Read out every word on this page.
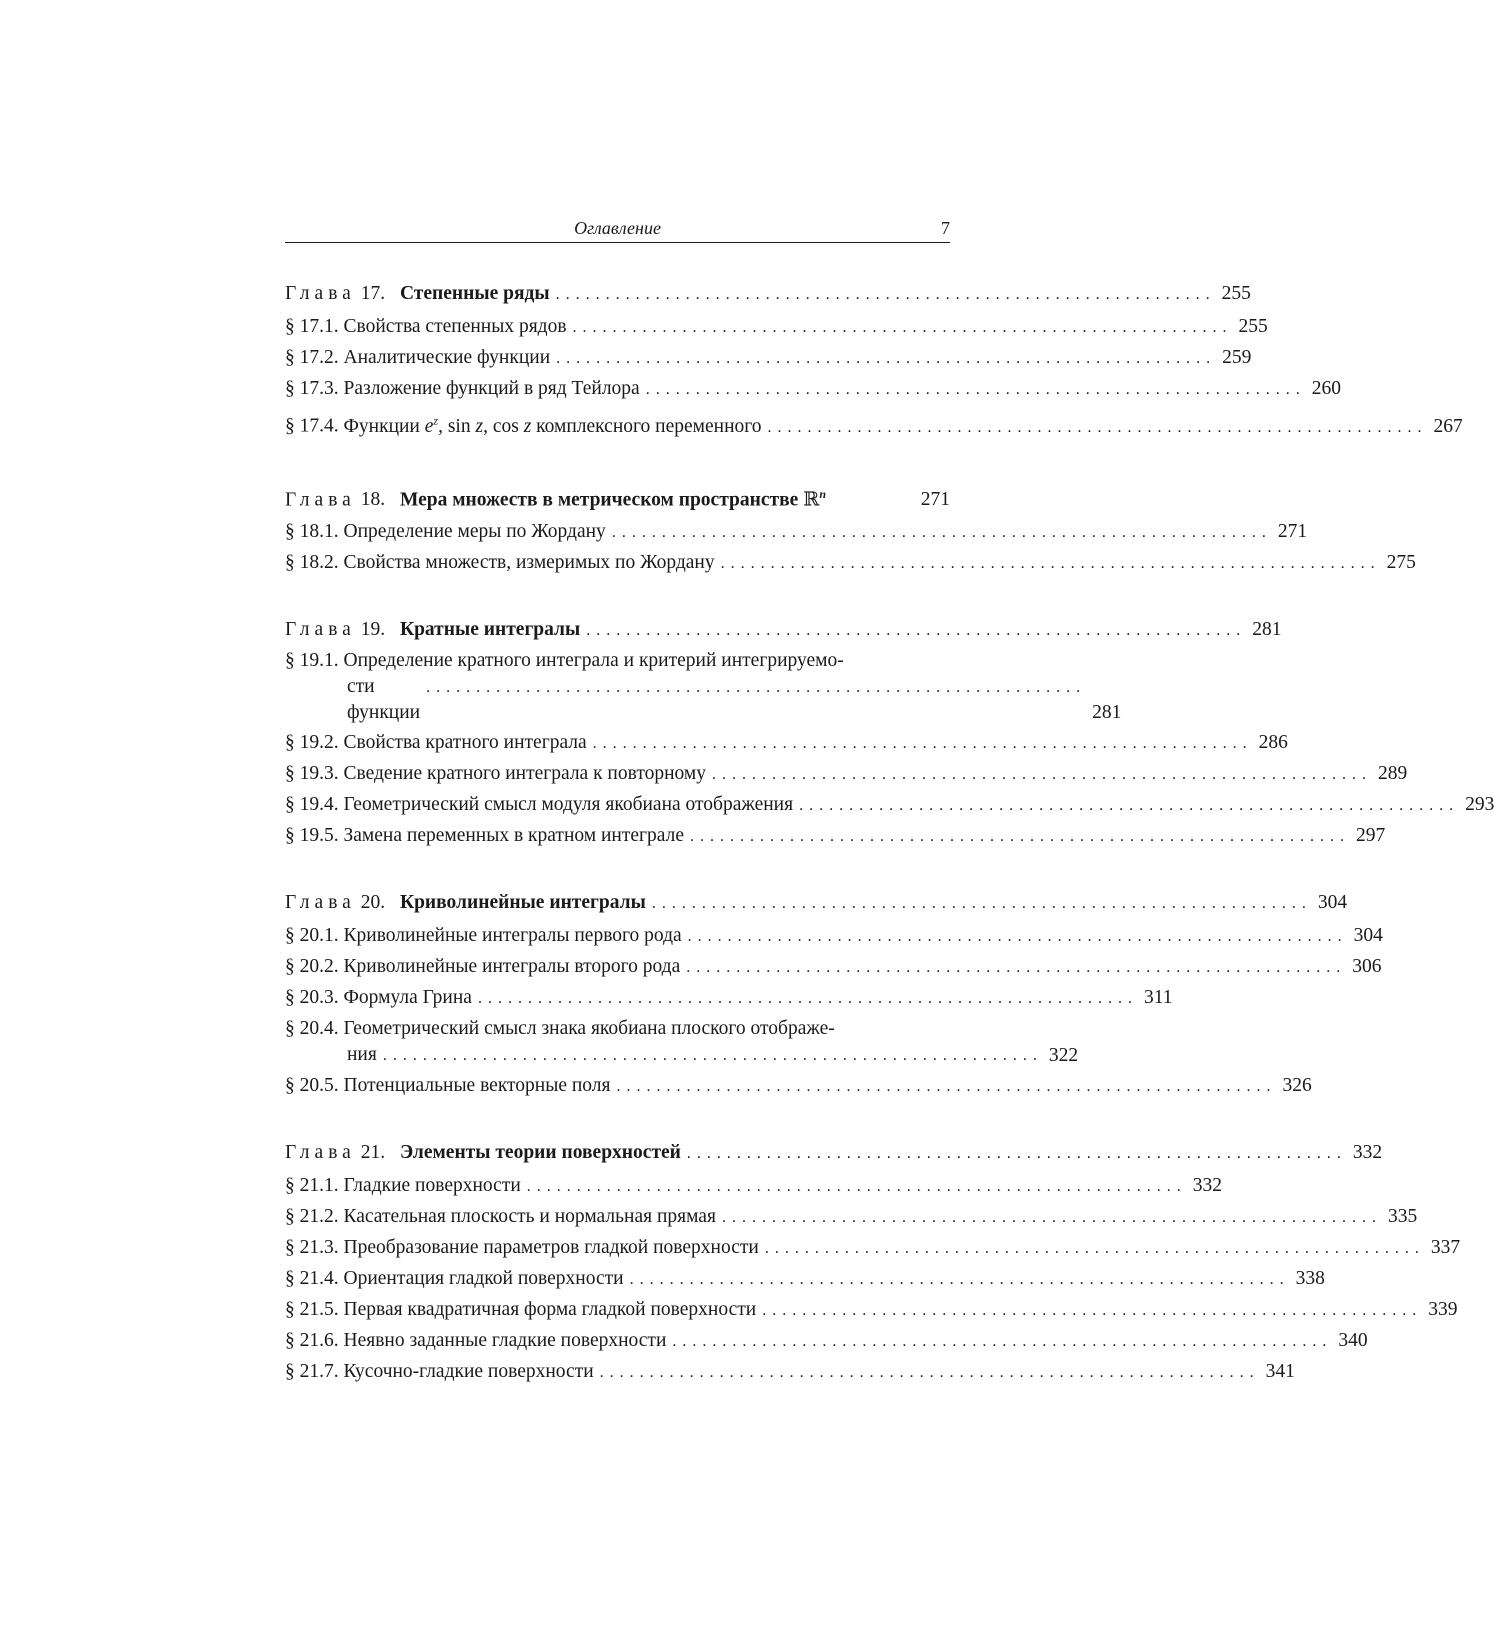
Оглавление	7
Глава 17. Степенные ряды .................................................................. 255
§ 17.1. Свойства степенных рядов .................................................................. 255
§ 17.2. Аналитические функции .................................................................. 259
§ 17.3. Разложение функций в ряд Тейлора .................................................................. 260
§ 17.4. Функции $e^z$, sin z, cos z комплексного переменного .................................................................. 267
Глава 18. Мера множеств в метрическом пространстве ℝ$^n$	271
§ 18.1. Определение меры по Жордану .................................................................. 271
§ 18.2. Свойства множеств, измеримых по Жордану .................................................................. 275
Глава 19. Кратные интегралы .................................................................. 281
§ 19.1. Определение кратного интеграла и критерий интегрируемо-
сти функции
..................................................................
281
§ 19.2. Свойства кратного интеграла .................................................................. 286
§ 19.3. Сведение кратного интеграла к повторному .................................................................. 289
§ 19.4. Геометрический смысл модуля якобиана отображения .................................................................. 293
§ 19.5. Замена переменных в кратном интеграле .................................................................. 297
Глава 20. Криволинейные интегралы .................................................................. 304
§ 20.1. Криволинейные интегралы первого рода .................................................................. 304
§ 20.2. Криволинейные интегралы второго рода .................................................................. 306
§ 20.3. Формула Грина .................................................................. 311
§ 20.4. Геометрический смысл знака якобиана плоского отображе-
ния .................................................................. 322
§ 20.5. Потенциальные векторные поля .................................................................. 326
Глава 21. Элементы теории поверхностей .................................................................. 332
§ 21.1. Гладкие поверхности .................................................................. 332
§ 21.2. Касательная плоскость и нормальная прямая .................................................................. 335
§ 21.3. Преобразование параметров гладкой поверхности .................................................................. 337
§ 21.4. Ориентация гладкой поверхности .................................................................. 338
§ 21.5. Первая квадратичная форма гладкой поверхности .................................................................. 339
§ 21.6. Неявно заданные гладкие поверхности .................................................................. 340
§ 21.7. Кусочно-гладкие поверхности .................................................................. 341
